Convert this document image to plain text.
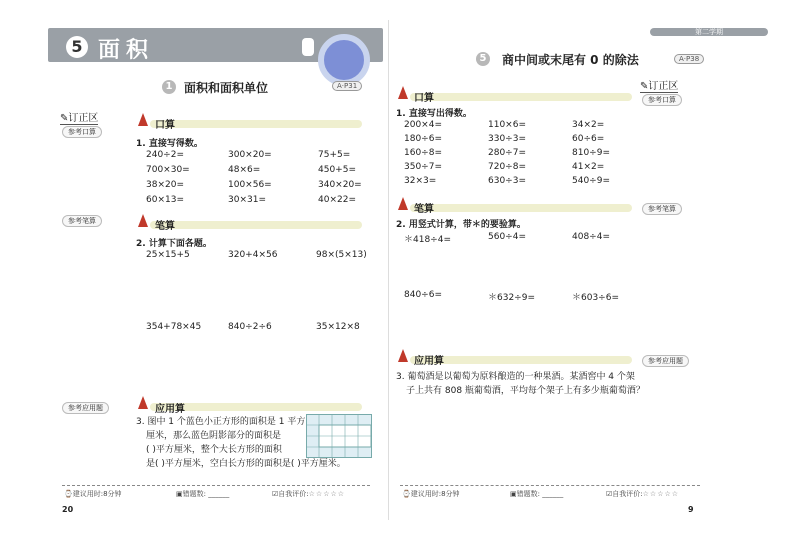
5 面积
1 面积和面积单位	A·P31
✎订正区
参考口算
参考笔算
参考应用题
口算
1. 直接写得数。
240÷2=	300×20=	75+5=
700×30=	48×6=	450+5=
38×20=	100×56=	340×20=
60×13=	30×31=	40×22=
笔算
2. 计算下面各题。
25×15+5	320+4×56	98×(5×13)
354+78×45	840÷2÷6	35×12×8
应用算
3. 图中 1 个蓝色小正方形的面积是 1 平方
厘米，那么蓝色阴影部分的面积是
( )平方厘米，整个大长方形的面积
是( )平方厘米，空白长方形的面积是( )平方厘米。
⌚建议用时:8分钟	▣错题数: ______	☑自我评价:☆☆☆☆☆
20
第二学期
5 商中间或末尾有 0 的除法	A·P38
✎订正区
参考口算
参考笔算
参考应用题
口算
1. 直接写出得数。
200×4=	110×6=	34×2=
180÷6=	330÷3=	60÷6=
160÷8=	280÷7=	810÷9=
350÷7=	720÷8=	41×2=
32×3=	630÷3=	540÷9=
笔算
2. 用竖式计算，带＊的要验算。
＊418÷4=	560÷4=	408÷4=
840÷6=	＊632÷9=	＊603÷6=
应用算
3. 葡萄酒是以葡萄为原料酿造的一种果酒。某酒窖中 4 个架
子上共有 808 瓶葡萄酒，平均每个架子上有多少瓶葡萄酒？
⌚建议用时:8分钟	▣错题数: ______	☑自我评价:☆☆☆☆☆
9
